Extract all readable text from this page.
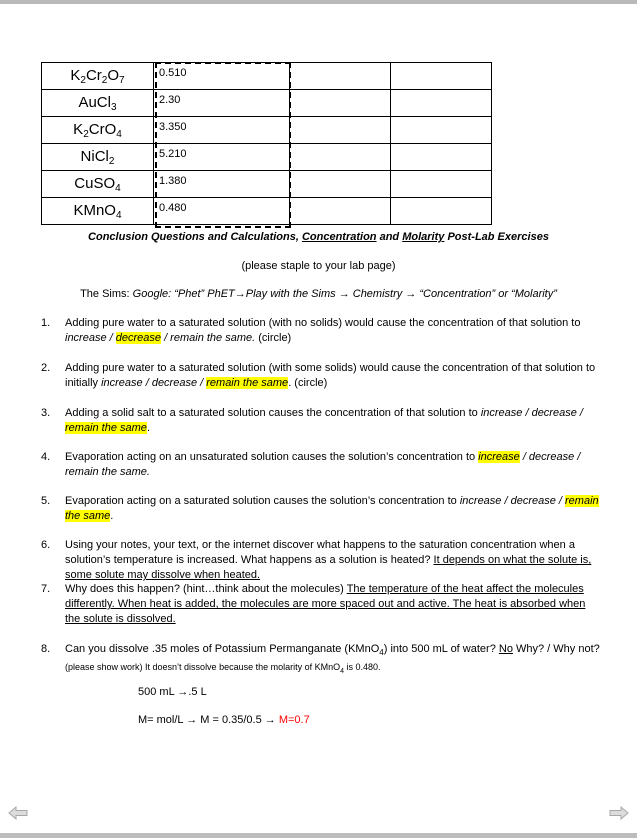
$K_2Cr_2O_7$	0.510		

AuCl$_3$	2.30		

$K_2CrO_4$	3.350		

NiCl$_2$	5.210		

CuSO$_4$	1.380		

KMnO$_4$	0.480		

Conclusion Questions and Calculations, Concentration and Molarity Post-Lab Exercises
(please staple to your lab page)
The Sims: Google: “Phet” PhET→Play with the Sims → Chemistry → “Concentration” or “Molarity”
1. Adding pure water to a saturated solution (with no solids) would cause the concentration of that solution to increase / decrease / remain the same. (circle)
2. Adding pure water to a saturated solution (with some solids) would cause the concentration of that solution to initially increase / decrease / remain the same. (circle)
3. Adding a solid salt to a saturated solution causes the concentration of that solution to increase / decrease / remain the same.
4. Evaporation acting on an unsaturated solution causes the solution’s concentration to increase / decrease / remain the same.
5. Evaporation acting on a saturated solution causes the solution’s concentration to increase / decrease / remain the same.
6. Using your notes, your text, or the internet discover what happens to the saturation concentration when a solution’s temperature is increased. What happens as a solution is heated? It depends on what the solute is, some solute may dissolve when heated.
7. Why does this happen? (hint…think about the molecules) The temperature of the heat affect the molecules differently. When heat is added, the molecules are more spaced out and active. The heat is absorbed when the solute is dissolved.
8. Can you dissolve .35 moles of Potassium Permanganate (KMnO$_4$) into 500 mL of water? No Why? / Why not? (please show work) It doesn’t dissolve because the molarity of KMnO$_4$ is 0.480.
500 mL →.5 L
M= mol/L → M = 0.35/0.5 → M=0.7
